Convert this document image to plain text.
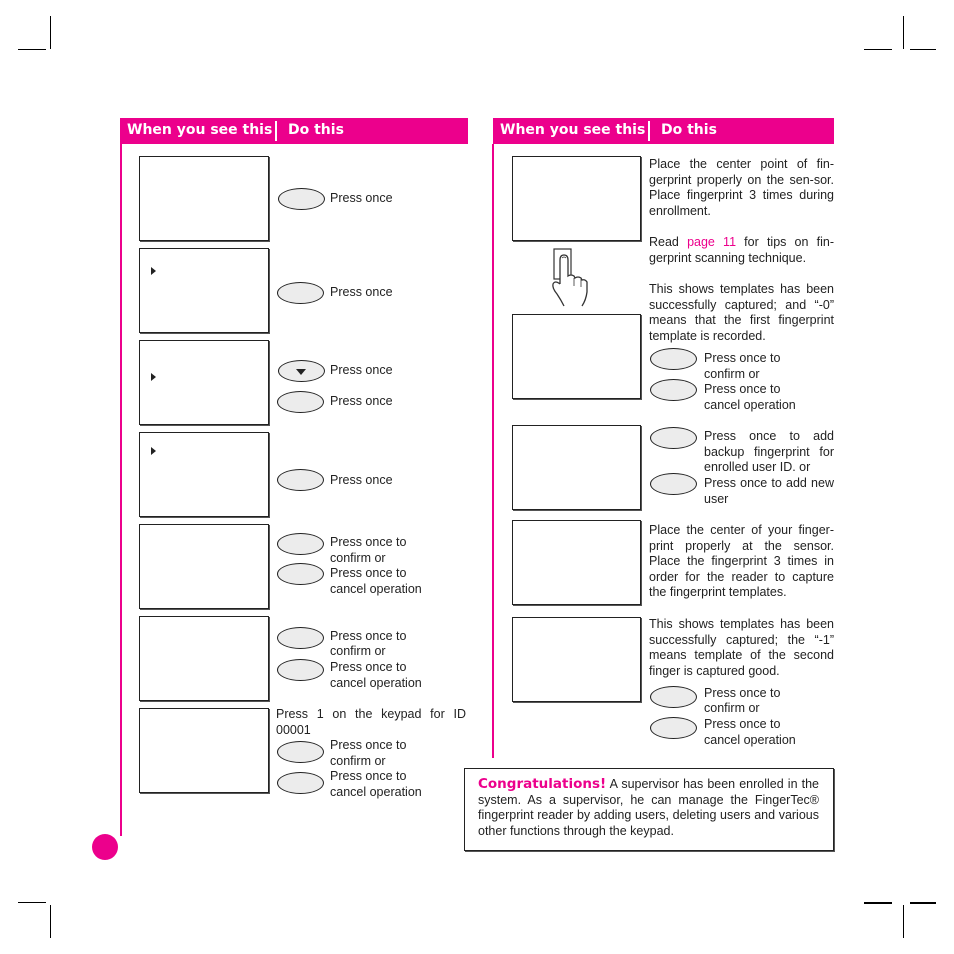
When you see this Do this
Press once
Press once
Press once
Press once
Press once
Press once to
confirm or
Press once to
cancel operation
Press once to
confirm or
Press once to
cancel operation
Press 1 on the keypad for ID 00001
Press once to
confirm or
Press once to
cancel operation
When you see this Do this
Place the center point of fin-gerprint properly on the sen-sor. Place fingerprint 3 times during enrollment.
Read page 11 for tips on fin-gerprint scanning technique.
This shows templates has been successfully captured; and “-0” means that the first fingerprint template is recorded.
Press once to
confirm or
Press once to
cancel operation
Press once to add backup fingerprint for enrolled user ID. or
Press once to add new user
Place the center of your finger-print properly at the sensor. Place the fingerprint 3 times in order for the reader to capture the fingerprint templates.
This shows templates has been successfully captured; the “-1” means template of the second finger is captured good.
Press once to
confirm or
Press once to
cancel operation
Congratulations! A supervisor has been enrolled in the system. As a supervisor, he can manage the FingerTec® fingerprint reader by adding users, deleting users and various other functions through the keypad.
